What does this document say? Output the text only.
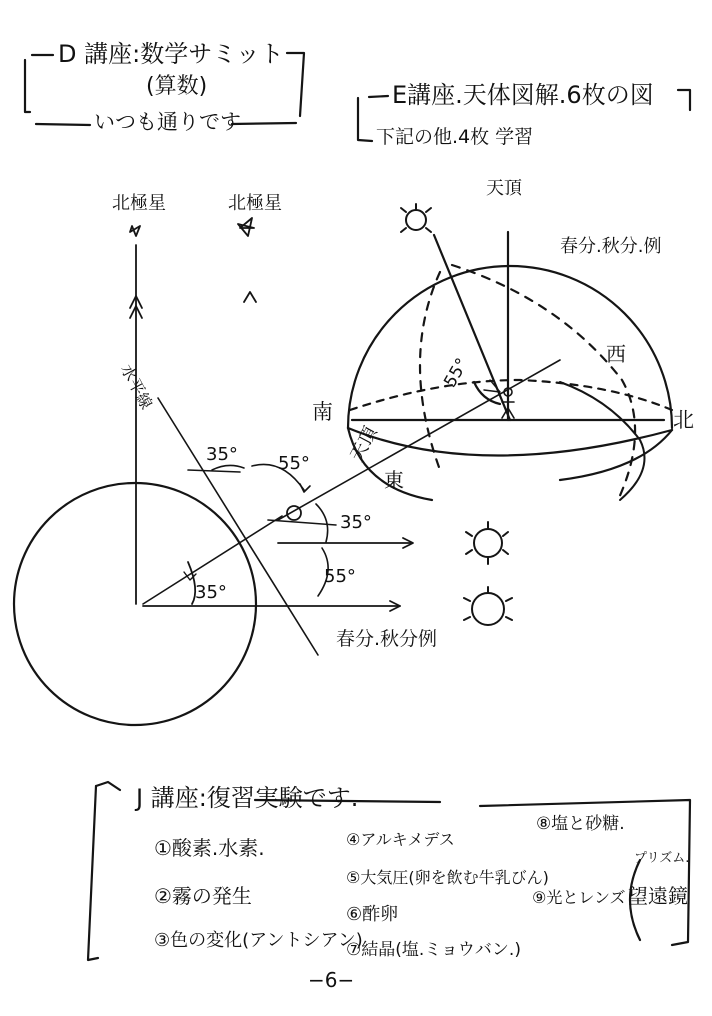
D 講座:数学サミット
(算数)
いつも通りです
E講座.天体図解.6枚の図
下記の他.4枚 学習
北極星	北極星
水平線
天頂
天頂
東
西
南	北
35° 55°
35°
55°
35°
55°
春分.秋分例
春分.秋分.例
J 講座:復習実験です.
①酸素.水素.
②霧の発生
③色の変化(アントシアン)
④アルキメデス
⑤大気圧(卵を飲む牛乳びん)
⑥酢卵
⑦結晶(塩.ミョウバン.)
⑧塩と砂糖.
⑨光とレンズ
プリズム.
望遠鏡
−6−
